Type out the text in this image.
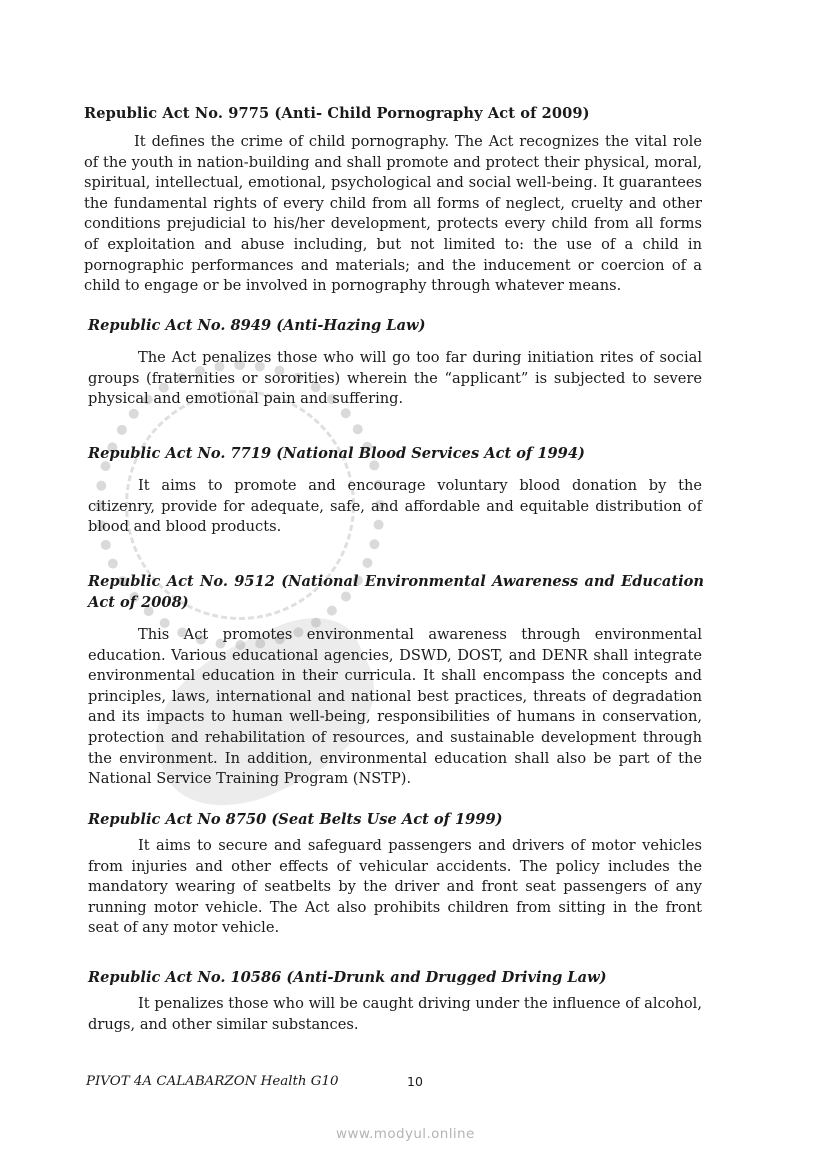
Republic Act No. 9775 (Anti- Child Pornography Act of 2009)
It defines the crime of child pornography. The Act recognizes the vital role of the youth in nation-building and shall promote and protect their physical, moral, spiritual, intellectual, emotional, psychological and social well-being. It guarantees the fundamental rights of every child from all forms of neglect, cruelty and other conditions prejudicial to his/her development, protects every child from all forms of exploitation and abuse including, but not limited to: the use of a child in pornographic performances and materials; and the inducement or coercion of a child to engage or be involved in pornography through whatever means.
Republic Act No. 8949 (Anti-Hazing Law)
The Act penalizes those who will go too far during initiation rites of social groups (fraternities or sororities) wherein the “applicant” is subjected to severe physical and emotional pain and suffering.
Republic Act No. 7719 (National Blood Services Act of 1994)
It aims to promote and encourage voluntary blood donation by the citizenry, provide for adequate, safe, and affordable and equitable distribution of blood and blood products.
Republic Act No. 9512 (National Environmental Awareness and Education Act of 2008)
This Act promotes environmental awareness through environmental education. Various educational agencies, DSWD, DOST, and DENR shall integrate environmental education in their curricula. It shall encompass the concepts and principles, laws, international and national best practices, threats of degradation and its impacts to human well-being, responsibilities of humans in conservation, protection and rehabilitation of resources, and sustainable development through the environment. In addition, environmental education shall also be part of the National Service Training Program (NSTP).
Republic Act No 8750 (Seat Belts Use Act of 1999)
It aims to secure and safeguard passengers and drivers of motor vehicles from injuries and other effects of vehicular accidents. The policy includes the mandatory wearing of seatbelts by the driver and front seat passengers of any running motor vehicle. The Act also prohibits children from sitting in the front seat of any motor vehicle.
Republic Act No. 10586 (Anti-Drunk and Drugged Driving Law)
It penalizes those who will be caught driving under the influence of alcohol, drugs, and other similar substances.
PIVOT 4A CALABARZON Health G10	10
www.modyul.online
